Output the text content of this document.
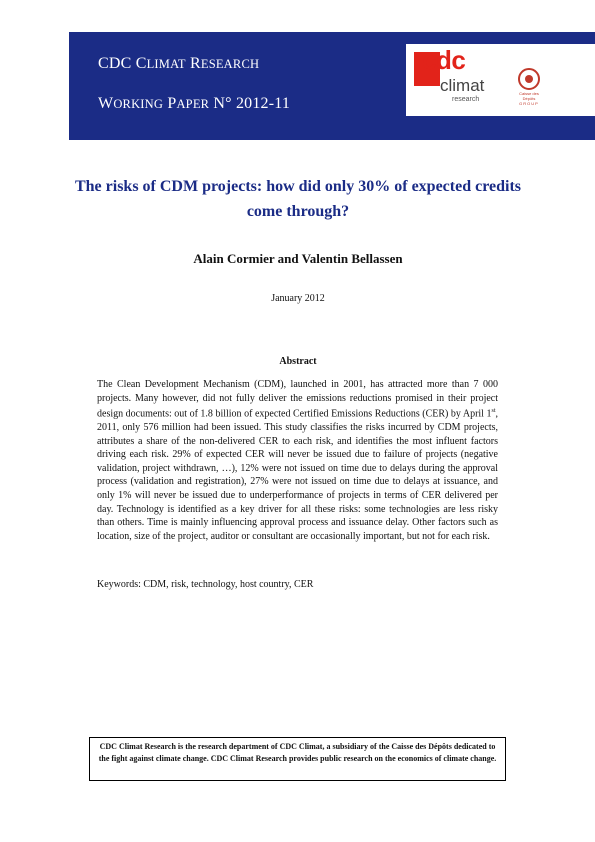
CDC CLIMAT RESEARCH
WORKING PAPER N° 2012-11
cdc
climat
research
Caisse des Dépôts
GROUP
The risks of CDM projects: how did only 30% of expected credits come through?
Alain Cormier and Valentin Bellassen
January 2012
Abstract

The Clean Development Mechanism (CDM), launched in 2001, has attracted more than 7 000 projects. Many however, did not fully deliver the emissions reductions promised in their project design documents: out of 1.8 billion of expected Certified Emissions Reductions (CER) by April 1st, 2011, only 576 million had been issued. This study classifies the risks incurred by CDM projects, attributes a share of the non-delivered CER to each risk, and identifies the most influent factors driving each risk. 29% of expected CER will never be issued due to failure of projects (negative validation, project withdrawn, …), 12% were not issued on time due to delays during the approval process (validation and registration), 27% were not issued on time due to delays at issuance, and only 1% will never be issued due to underperformance of projects in terms of CER delivered per day. Technology is identified as a key driver for all these risks: some technologies are less risky than others. Time is mainly influencing approval process and issuance delay. Other factors such as location, size of the project, auditor or consultant are occasionally important, but not for each risk.

Keywords: CDM, risk, technology, host country, CER
CDC Climat Research is the research department of CDC Climat, a subsidiary of the Caisse des Dépôts dedicated to the fight against climate change. CDC Climat Research provides public research on the economics of climate change.
